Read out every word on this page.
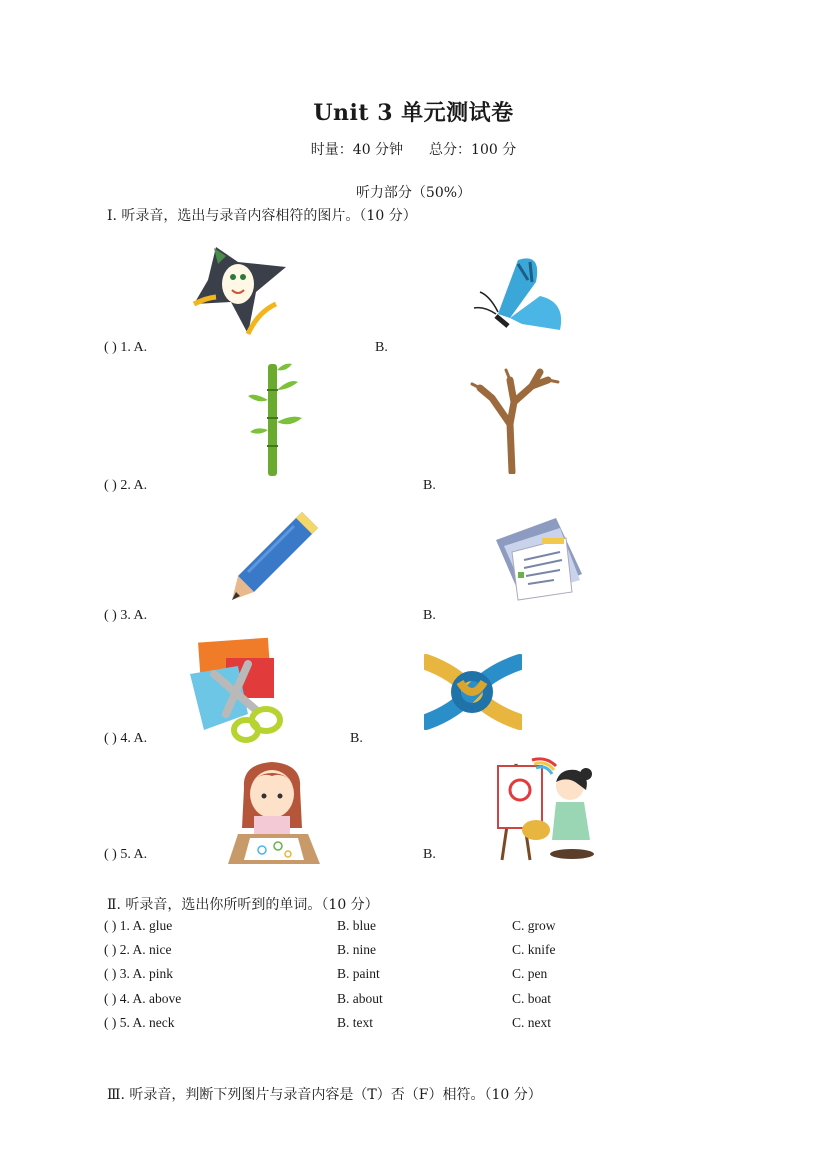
Unit 3 单元测试卷
时量：40 分钟 总分：100 分
听力部分（50%）
Ⅰ. 听录音，选出与录音内容相符的图片。（10 分）
( ) 1. A.	B.
( ) 2. A.	B.
( ) 3. A.	B.
( ) 4. A.	B.
( ) 5. A.	B.
Ⅱ. 听录音，选出你所听到的单词。（10 分）
( ) 1. A. glue	B. blue	C. grow
( ) 2. A. nice	B. nine	C. knife
( ) 3. A. pink	B. paint	C. pen
( ) 4. A. above	B. about	C. boat
( ) 5. A. neck	B. text	C. next
Ⅲ. 听录音，判断下列图片与录音内容是（T）否（F）相符。（10 分）
